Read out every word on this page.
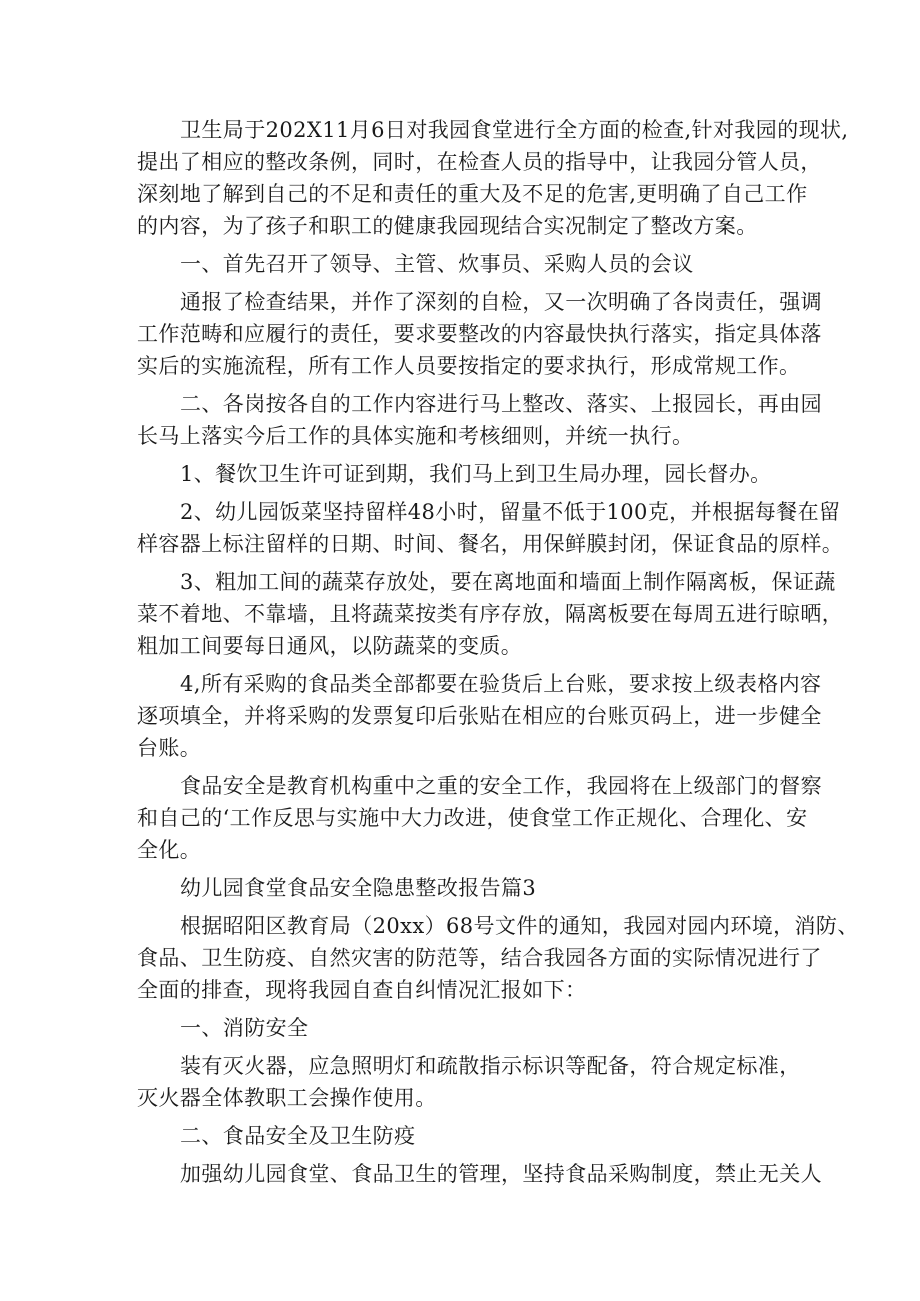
卫生局于202X11月6日对我园食堂进行全方面的检查,针对我园的现状,
提出了相应的整改条例，同时，在检查人员的指导中，让我园分管人员，
深刻地了解到自己的不足和责任的重大及不足的危害,更明确了自己工作
的内容，为了孩子和职工的健康我园现结合实况制定了整改方案。
一、首先召开了领导、主管、炊事员、采购人员的会议
通报了检查结果，并作了深刻的自检，又一次明确了各岗责任，强调
工作范畴和应履行的责任，要求要整改的内容最快执行落实，指定具体落
实后的实施流程，所有工作人员要按指定的要求执行，形成常规工作。
二、各岗按各自的工作内容进行马上整改、落实、上报园长，再由园
长马上落实今后工作的具体实施和考核细则，并统一执行。
1、餐饮卫生许可证到期，我们马上到卫生局办理，园长督办。
2、幼儿园饭菜坚持留样48小时，留量不低于100克，并根据每餐在留
样容器上标注留样的日期、时间、餐名，用保鲜膜封闭，保证食品的原样。
3、粗加工间的蔬菜存放处，要在离地面和墙面上制作隔离板，保证蔬
菜不着地、不靠墙，且将蔬菜按类有序存放，隔离板要在每周五进行晾晒，
粗加工间要每日通风，以防蔬菜的变质。
4,所有采购的食品类全部都要在验货后上台账，要求按上级表格内容
逐项填全，并将采购的发票复印后张贴在相应的台账页码上，进一步健全
台账。
食品安全是教育机构重中之重的安全工作，我园将在上级部门的督察
和自己的‘工作反思与实施中大力改进，使食堂工作正规化、合理化、安
全化。
幼儿园食堂食品安全隐患整改报告篇3
根据昭阳区教育局（20xx）68号文件的通知，我园对园内环境，消防、
食品、卫生防疫、自然灾害的防范等，结合我园各方面的实际情况进行了
全面的排查，现将我园自查自纠情况汇报如下：
一、消防安全
装有灭火器，应急照明灯和疏散指示标识等配备，符合规定标准，
灭火器全体教职工会操作使用。
二、食品安全及卫生防疫
加强幼儿园食堂、食品卫生的管理，坚持食品采购制度，禁止无关人
